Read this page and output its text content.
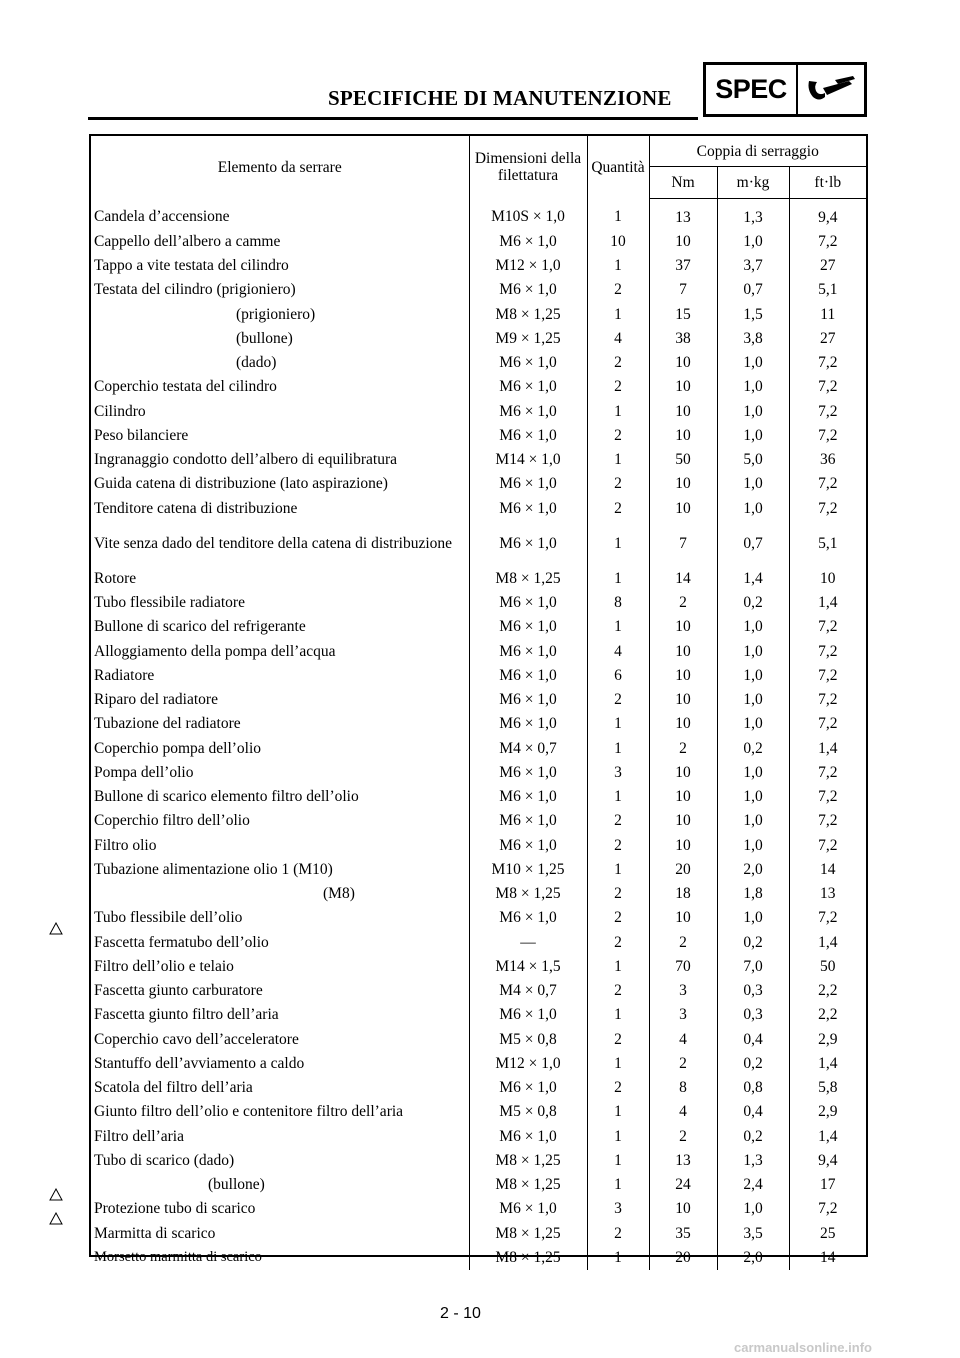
SPECIFICHE DI MANUTENZIONE	SPEC
Elemento da serrare	Dimensioni della filettatura	Quantità	Coppia di serraggio		
			Nm	m·kg	ft·lb
Candela d’accensione	M10S × 1,0	1	13	1,3	9,4
Cappello dell’albero a camme	M6 × 1,0	10	10	1,0	7,2
Tappo a vite testata del cilindro	M12 × 1,0	1	37	3,7	27
Testata del cilindro (prigioniero)	M6 × 1,0	2	7	0,7	5,1
(prigioniero)	M8 × 1,25	1	15	1,5	11
(bullone)	M9 × 1,25	4	38	3,8	27
(dado)	M6 × 1,0	2	10	1,0	7,2
Coperchio testata del cilindro	M6 × 1,0	2	10	1,0	7,2
Cilindro	M6 × 1,0	1	10	1,0	7,2
Peso bilanciere	M6 × 1,0	2	10	1,0	7,2
Ingranaggio condotto dell’albero di equilibratura	M14 × 1,0	1	50	5,0	36
Guida catena di distribuzione (lato aspirazione)	M6 × 1,0	2	10	1,0	7,2
Tenditore catena di distribuzione	M6 × 1,0	2	10	1,0	7,2
Vite senza dado del tenditore della catena di distribuzione	M6 × 1,0	1	7	0,7	5,1
Rotore	M8 × 1,25	1	14	1,4	10
Tubo flessibile radiatore	M6 × 1,0	8	2	0,2	1,4
Bullone di scarico del refrigerante	M6 × 1,0	1	10	1,0	7,2
Alloggiamento della pompa dell’acqua	M6 × 1,0	4	10	1,0	7,2
Radiatore	M6 × 1,0	6	10	1,0	7,2
Riparo del radiatore	M6 × 1,0	2	10	1,0	7,2
Tubazione del radiatore	M6 × 1,0	1	10	1,0	7,2
Coperchio pompa dell’olio	M4 × 0,7	1	2	0,2	1,4
Pompa dell’olio	M6 × 1,0	3	10	1,0	7,2
Bullone di scarico elemento filtro dell’olio	M6 × 1,0	1	10	1,0	7,2
Coperchio filtro dell’olio	M6 × 1,0	2	10	1,0	7,2
Filtro olio	M6 × 1,0	2	10	1,0	7,2
Tubazione alimentazione olio 1 (M10)	M10 × 1,25	1	20	2,0	14
(M8)	M8 × 1,25	2	18	1,8	13
Tubo flessibile dell’olio	M6 × 1,0	2	10	1,0	7,2
Fascetta fermatubo dell’olio	—	2	2	0,2	1,4
Filtro dell’olio e telaio	M14 × 1,5	1	70	7,0	50
Fascetta giunto carburatore	M4 × 0,7	2	3	0,3	2,2
Fascetta giunto filtro dell’aria	M6 × 1,0	1	3	0,3	2,2
Coperchio cavo dell’acceleratore	M5 × 0,8	2	4	0,4	2,9
Stantuffo dell’avviamento a caldo	M12 × 1,0	1	2	0,2	1,4
Scatola del filtro dell’aria	M6 × 1,0	2	8	0,8	5,8
Giunto filtro dell’olio e contenitore filtro dell’aria	M5 × 0,8	1	4	0,4	2,9
Filtro dell’aria	M6 × 1,0	1	2	0,2	1,4
Tubo di scarico (dado)	M8 × 1,25	1	13	1,3	9,4
(bullone)	M8 × 1,25	1	24	2,4	17
Protezione tubo di scarico	M6 × 1,0	3	10	1,0	7,2
Marmitta di scarico	M8 × 1,25	2	35	3,5	25
Morsetto marmitta di scarico	M8 × 1,25	1	20	2,0	14
2 - 10
carmanualsonline.info
